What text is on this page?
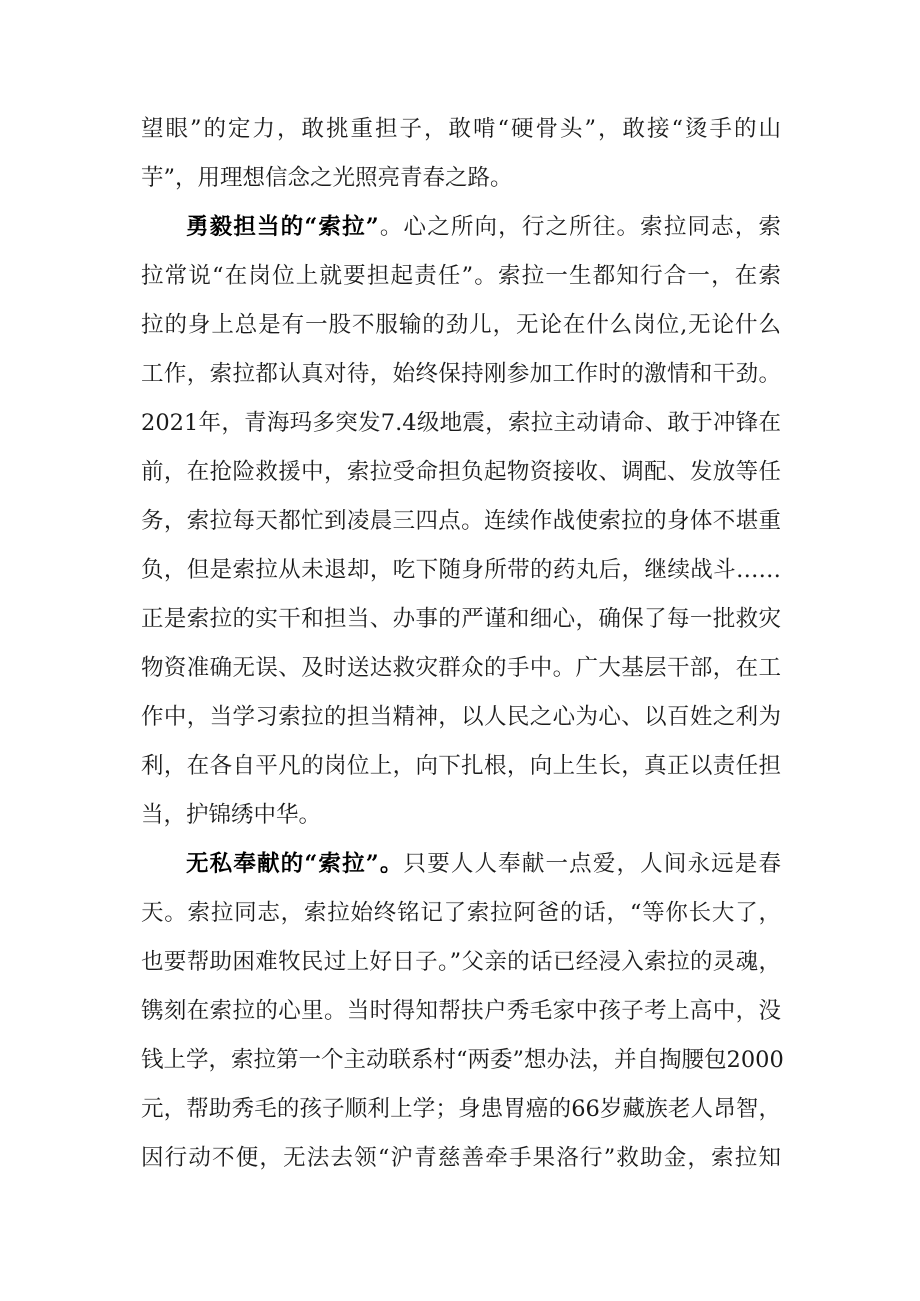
望眼”的定力，敢挑重担子，敢啃“硬骨头”，敢接“烫手的山
芋”，用理想信念之光照亮青春之路。
勇毅担当的“索拉”。心之所向，行之所往。索拉同志，索
拉常说“在岗位上就要担起责任”。索拉一生都知行合一，在索
拉的身上总是有一股不服输的劲儿，无论在什么岗位,无论什么
工作，索拉都认真对待，始终保持刚参加工作时的激情和干劲。
2021年，青海玛多突发7.4级地震，索拉主动请命、敢于冲锋在
前，在抢险救援中，索拉受命担负起物资接收、调配、发放等任
务，索拉每天都忙到凌晨三四点。连续作战使索拉的身体不堪重
负，但是索拉从未退却，吃下随身所带的药丸后，继续战斗……
正是索拉的实干和担当、办事的严谨和细心，确保了每一批救灾
物资准确无误、及时送达救灾群众的手中。广大基层干部，在工
作中，当学习索拉的担当精神，以人民之心为心、以百姓之利为
利，在各自平凡的岗位上，向下扎根，向上生长，真正以责任担
当，护锦绣中华。
无私奉献的“索拉”。只要人人奉献一点爱，人间永远是春
天。索拉同志，索拉始终铭记了索拉阿爸的话，“等你长大了，
也要帮助困难牧民过上好日子。”父亲的话已经浸入索拉的灵魂，
镌刻在索拉的心里。当时得知帮扶户秀毛家中孩子考上高中，没
钱上学，索拉第一个主动联系村“两委”想办法，并自掏腰包2000
元，帮助秀毛的孩子顺利上学；身患胃癌的66岁藏族老人昂智，
因行动不便，无法去领“沪青慈善牵手果洛行”救助金，索拉知
